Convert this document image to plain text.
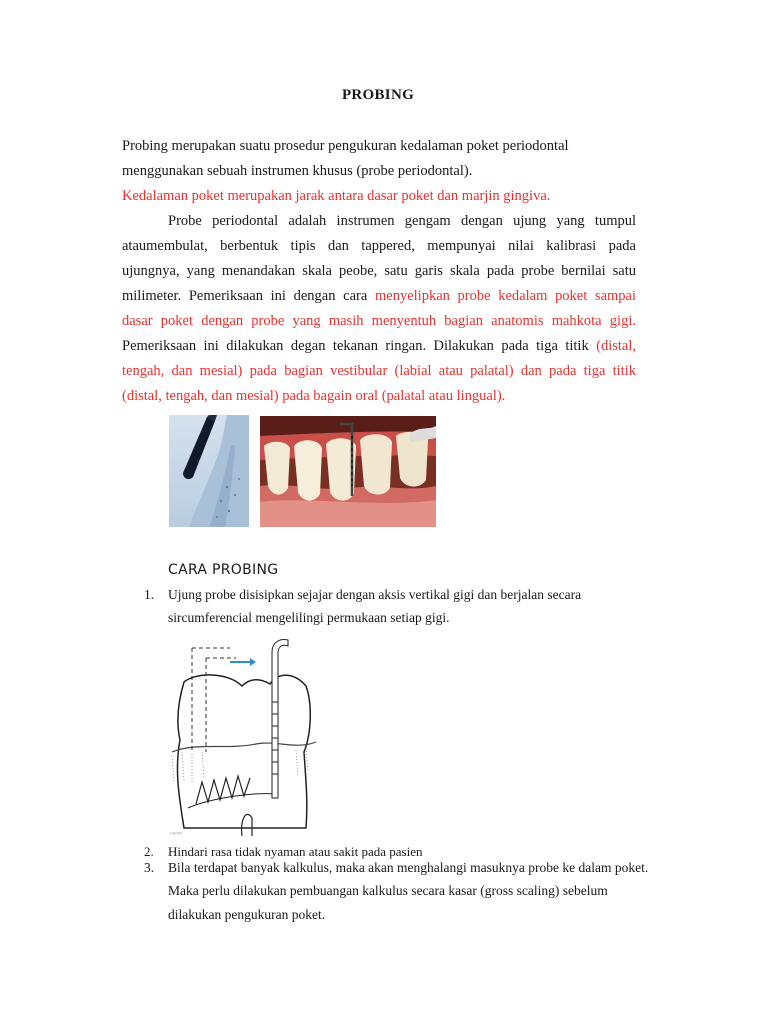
PROBING
Probing merupakan suatu prosedur pengukuran kedalaman poket periodontal
menggunakan sebuah instrumen khusus (probe periodontal).
Kedalaman poket merupakan jarak antara dasar poket dan marjin gingiva.
Probe periodontal adalah instrumen gengam dengan ujung yang tumpul
ataumembulat, berbentuk tipis dan tappered, mempunyai nilai kalibrasi pada
ujungnya, yang menandakan skala peobe, satu garis skala pada probe bernilai satu
milimeter. Pemeriksaan ini dengan cara menyelipkan probe kedalam poket sampai
dasar poket dengan probe yang masih menyentuh bagian anatomis mahkota gigi.
Pemeriksaan ini dilakukan degan tekanan ringan. Dilakukan pada tiga titik (distal,
tengah, dan mesial) pada bagian vestibular (labial atau palatal) dan pada tiga titik
(distal, tengah, dan mesial) pada bagain oral (palatal atau lingual).
CARA PROBING
1. Ujung probe disisipkan sejajar dengan aksis vertikal gigi dan berjalan secara
sircumferencial mengelilingi permukaan setiap gigi.
copyright
2. Hindari rasa tidak nyaman atau sakit pada pasien
3. Bila terdapat banyak kalkulus, maka akan menghalangi masuknya probe ke dalam poket.
Maka perlu dilakukan pembuangan kalkulus secara kasar (gross scaling) sebelum
dilakukan pengukuran poket.
